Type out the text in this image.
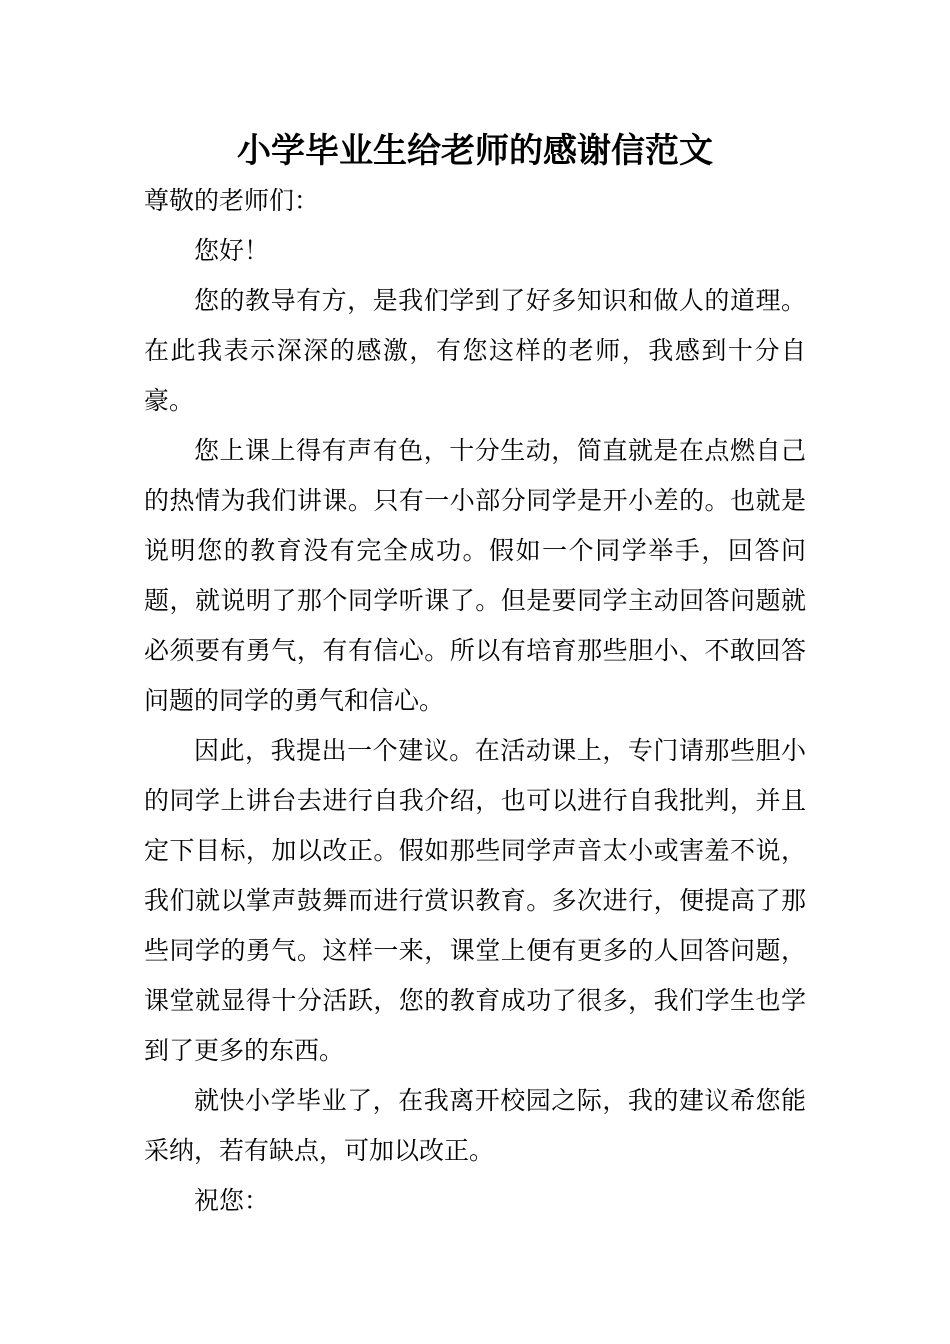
小学毕业生给老师的感谢信范文

尊敬的老师们：

您好！

您的教导有方，是我们学到了好多知识和做人的道理。在此我表示深深的感激，有您这样的老师，我感到十分自豪。

您上课上得有声有色，十分生动，简直就是在点燃自己的热情为我们讲课。只有一小部分同学是开小差的。也就是说明您的教育没有完全成功。假如一个同学举手，回答问题，就说明了那个同学听课了。但是要同学主动回答问题就必须要有勇气，有有信心。所以有培育那些胆小、不敢回答问题的同学的勇气和信心。

因此，我提出一个建议。在活动课上，专门请那些胆小的同学上讲台去进行自我介绍，也可以进行自我批判，并且定下目标，加以改正。假如那些同学声音太小或害羞不说，我们就以掌声鼓舞而进行赏识教育。多次进行，便提高了那些同学的勇气。这样一来，课堂上便有更多的人回答问题，课堂就显得十分活跃，您的教育成功了很多，我们学生也学到了更多的东西。

就快小学毕业了，在我离开校园之际，我的建议希您能采纳，若有缺点，可加以改正。

祝您：
